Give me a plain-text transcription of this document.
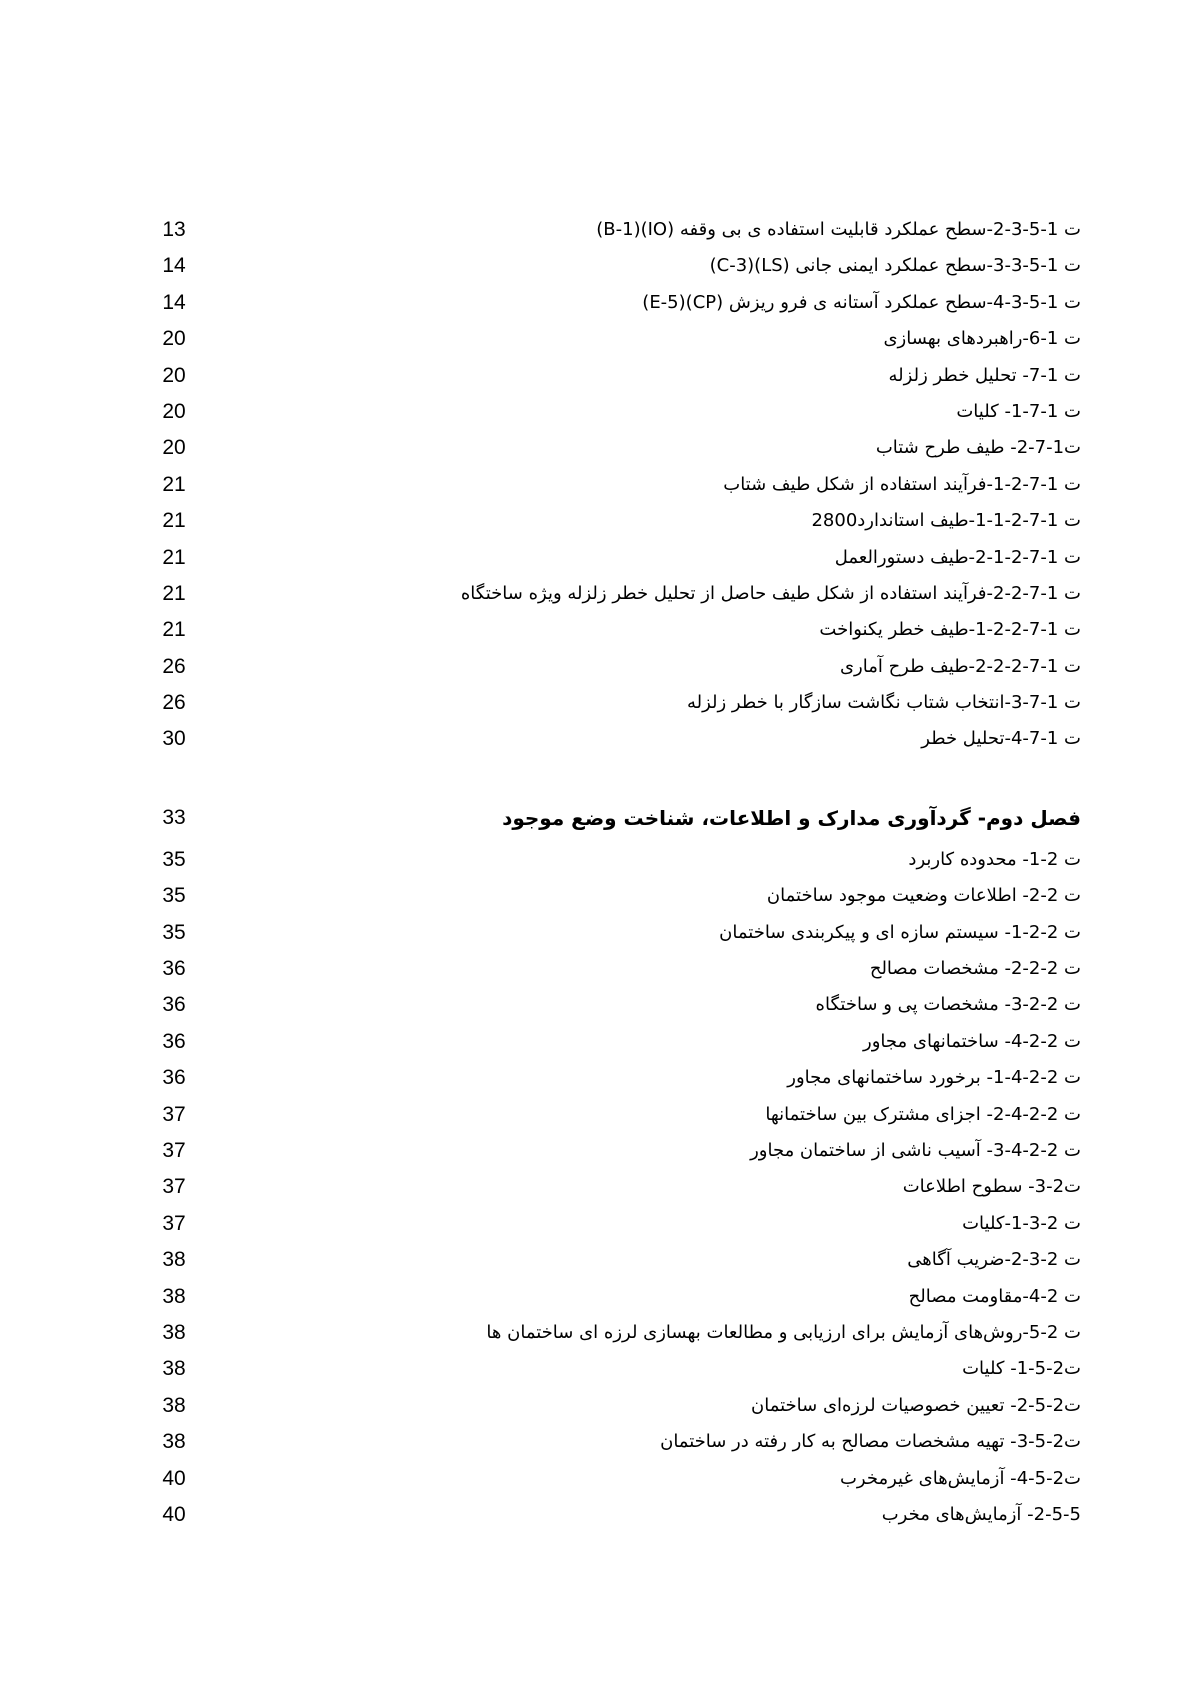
ت 1-5-3-2-سطح عملکرد قابلیت استفاده ی بی وقفه (IO)(B-1)
13
ت 1-5-3-3-سطح عملکرد ایمنی جانی (LS)(C-3)
14
ت 1-5-3-4-سطح عملکرد آستانه ی فرو ریزش (CP)(E-5)
14
ت 1-6-راهبردهای بهسازی
20
ت 1-7- تحلیل خطر زلزله
20
ت 1-7-1- کلیات
20
ت1-7-2- طیف طرح شتاب
20
ت 1-7-2-1-فرآیند استفاده از شکل طیف شتاب
21
ت 1-7-2-1-1-طیف استاندارد2800
21
ت 1-7-2-1-2-طیف دستورالعمل
21
ت 1-7-2-2-فرآیند استفاده از شکل طیف حاصل از تحلیل خطر زلزله ویژه ساختگاه
21
ت 1-7-2-2-1-طیف خطر یکنواخت
21
ت 1-7-2-2-2-طیف طرح آماری
26
ت 1-7-3-انتخاب شتاب نگاشت سازگار با خطر زلزله
26
ت 1-7-4-تحلیل خطر
30
فصل دوم- گردآوری مدارک و اطلاعات، شناخت وضع موجود
33
ت 2-1- محدوده کاربرد
35
ت 2-2- اطلاعات وضعیت موجود ساختمان
35
ت 2-2-1- سیستم سازه ای و پیکربندی ساختمان
35
ت 2-2-2- مشخصات مصالح
36
ت 2-2-3- مشخصات پی و ساختگاه
36
ت 2-2-4- ساختمانهای مجاور
36
ت 2-2-4-1- برخورد ساختمانهای مجاور
36
ت 2-2-4-2- اجزای مشترک بین ساختمانها
37
ت 2-2-4-3- آسیب ناشی از ساختمان مجاور
37
ت2-3- سطوح اطلاعات
37
ت 2-3-1-کلیات
37
ت 2-3-2-ضریب آگاهی
38
ت 2-4-مقاومت مصالح
38
ت 2-5-روش‌های آزمایش برای ارزیابی و مطالعات بهسازی لرزه ای ساختمان ها
38
ت2-5-1- کلیات
38
ت2-5-2- تعیین خصوصیات لرزه‌ای ساختمان
38
ت2-5-3- تهیه مشخصات مصالح به کار رفته در ساختمان
38
ت2-5-4- آزمایش‌های غیرمخرب
40
2-5-5- آزمایش‌های مخرب
40
